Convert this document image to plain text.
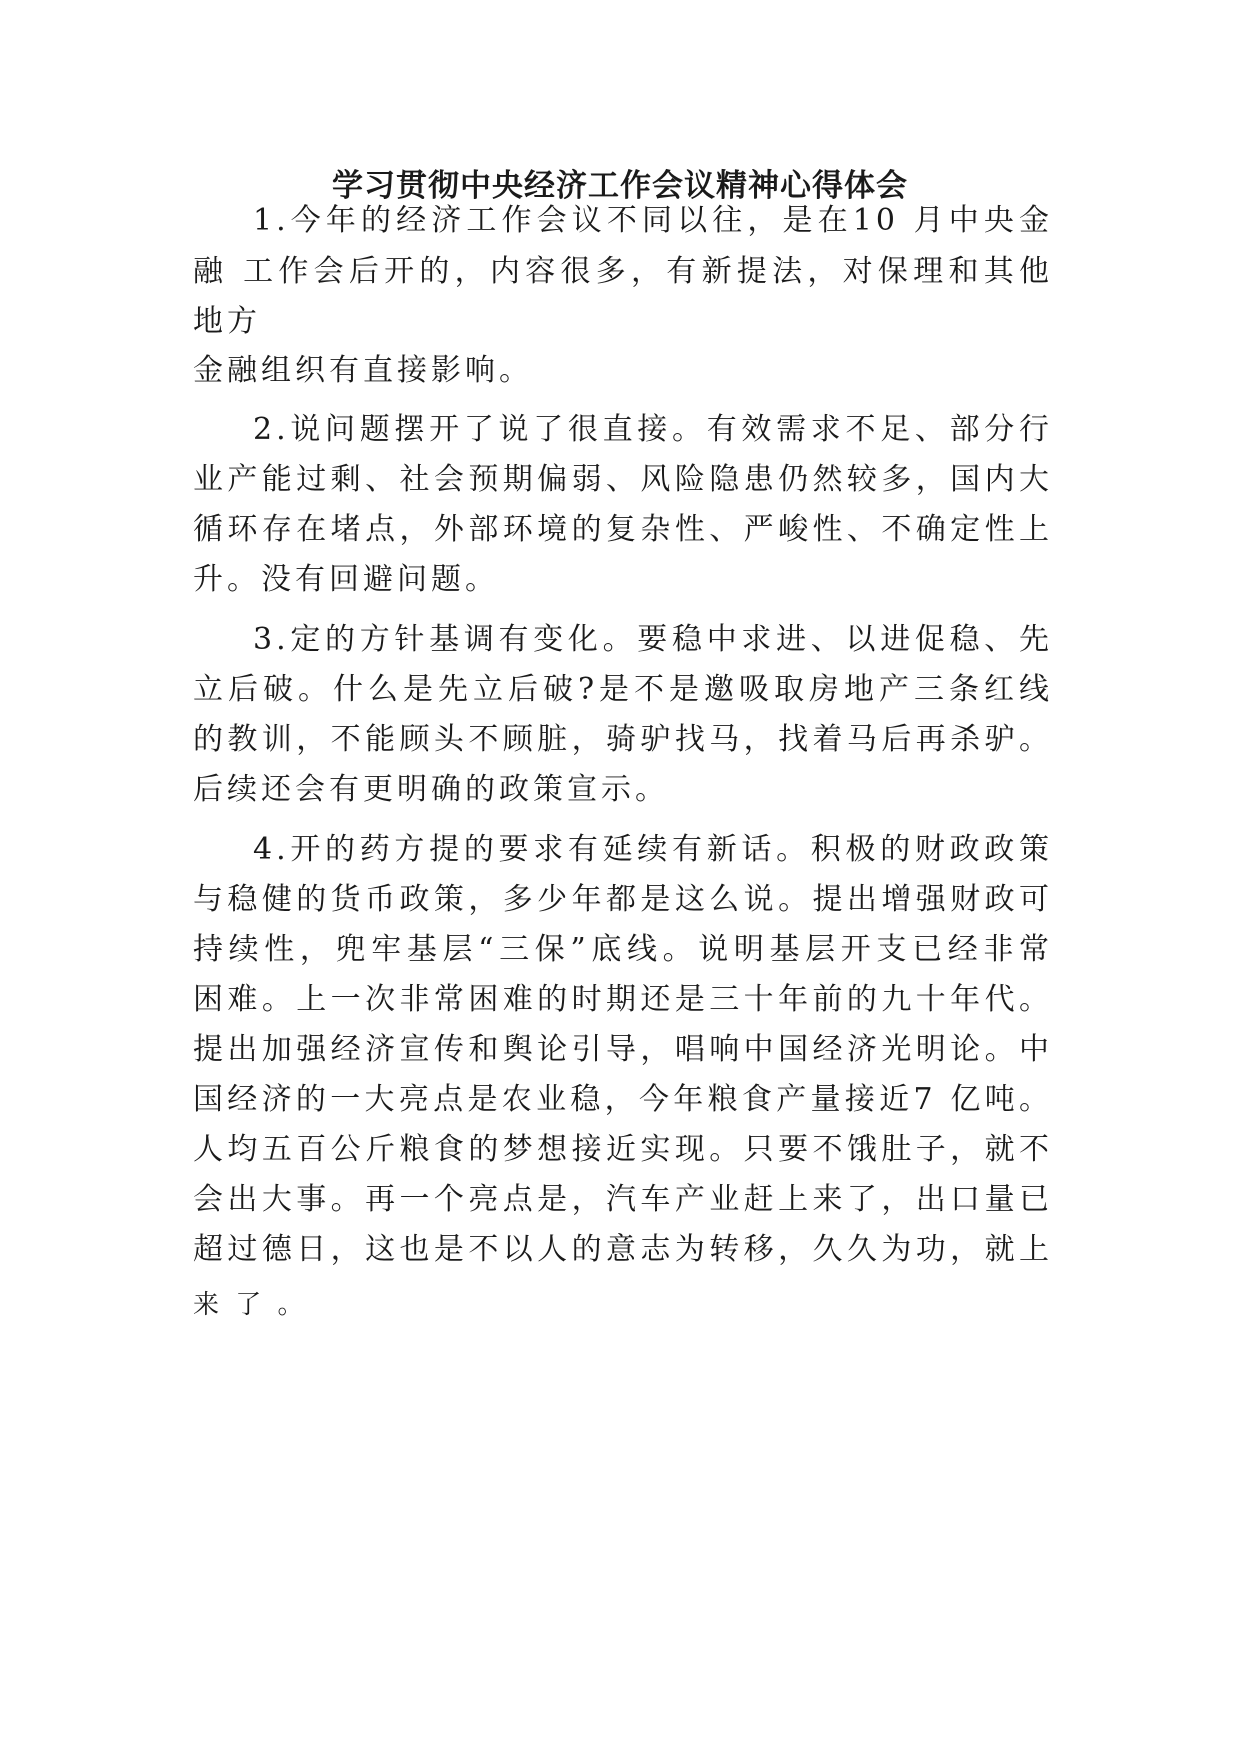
学习贯彻中央经济工作会议精神心得体会
1.今年的经济工作会议不同以往，是在10 月中央金
融 工作会后开的，内容很多，有新提法，对保理和其他
地方
金融组织有直接影响。
2.说问题摆开了说了很直接。有效需求不足、部分行
业产能过剩、社会预期偏弱、风险隐患仍然较多，国内大
循环存在堵点，外部环境的复杂性、严峻性、不确定性上
升。没有回避问题。
3.定的方针基调有变化。要稳中求进、以进促稳、先
立后破。什么是先立后破?是不是邀吸取房地产三条红线
的教训，不能顾头不顾脏，骑驴找马，找着马后再杀驴。
后续还会有更明确的政策宣示。
4.开的药方提的要求有延续有新话。积极的财政政策
与稳健的货币政策，多少年都是这么说。提出增强财政可
持续性，兜牢基层“三保”底线。说明基层开支已经非常
困难。上一次非常困难的时期还是三十年前的九十年代。
提出加强经济宣传和舆论引导，唱响中国经济光明论。中
国经济的一大亮点是农业稳，今年粮食产量接近7 亿吨。
人均五百公斤粮食的梦想接近实现。只要不饿肚子，就不
会出大事。再一个亮点是，汽车产业赶上来了，出口量已
超过德日，这也是不以人的意志为转移，久久为功，就上
来 了 。
